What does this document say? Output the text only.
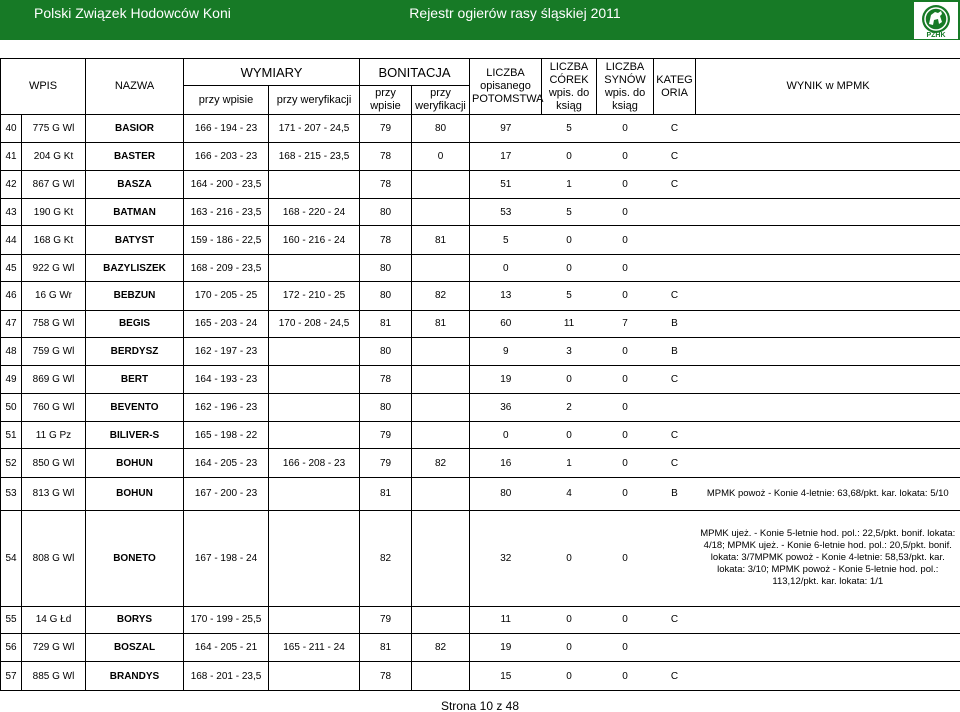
Polski Związek Hodowców Koni	Rejestr ogierów rasy śląskiej 2011
PZHK
WPIS		NAZWA	WYMIARY		BONITACJA		LICZBA opisanego POTOMSTWA	LICZBA CÓREK wpis. do ksiąg	LICZBA SYNÓW wpis. do ksiąg	KATEG ORIA	WYNIK w MPMK
			przy wpisie	przy weryfikacji	przy wpisie	przy weryfikacji					
40	775 G Wl	BASIOR	166 - 194 - 23	171 - 207 - 24,5	79	80	97	5	0	C	
41	204 G Kt	BASTER	166 - 203 - 23	168 - 215 - 23,5	78	0	17	0	0	C	
42	867 G Wl	BASZA	164 - 200 - 23,5		78		51	1	0	C	
43	190 G Kt	BATMAN	163 - 216 - 23,5	168 - 220 - 24	80		53	5	0		
44	168 G Kt	BATYST	159 - 186 - 22,5	160 - 216 - 24	78	81	5	0	0		
45	922 G Wl	BAZYLISZEK	168 - 209 - 23,5		80		0	0	0		
46	16 G Wr	BEBZUN	170 - 205 - 25	172 - 210 - 25	80	82	13	5	0	C	
47	758 G Wl	BEGIS	165 - 203 - 24	170 - 208 - 24,5	81	81	60	11	7	B	
48	759 G Wl	BERDYSZ	162 - 197 - 23		80		9	3	0	B	
49	869 G Wl	BERT	164 - 193 - 23		78		19	0	0	C	
50	760 G Wl	BEVENTO	162 - 196 - 23		80		36	2	0		
51	11 G Pz	BILIVER-S	165 - 198 - 22		79		0	0	0	C	
52	850 G Wl	BOHUN	164 - 205 - 23	166 - 208 - 23	79	82	16	1	0	C	
53	813 G Wl	BOHUN	167 - 200 - 23		81		80	4	0	B	MPMK powoż - Konie 4-letnie: 63,68/pkt. kar. lokata: 5/10
54	808 G Wl	BONETO	167 - 198 - 24		82		32	0	0		MPMK ujeż. - Konie 5-letnie hod. pol.: 22,5/pkt. bonif. lokata: 4/18; MPMK ujeż. - Konie 6-letnie hod. pol.: 20,5/pkt. bonif. lokata: 3/7MPMK powoż - Konie 4-letnie: 58,53/pkt. kar. lokata: 3/10; MPMK powoż - Konie 5-letnie hod. pol.: 113,12/pkt. kar. lokata: 1/1
55	14 G Łd	BORYS	170 - 199 - 25,5		79		11	0	0	C	
56	729 G Wl	BOSZAL	164 - 205 - 21	165 - 211 - 24	81	82	19	0	0		
57	885 G Wl	BRANDYS	168 - 201 - 23,5		78		15	0	0	C	
Strona 10 z 48
